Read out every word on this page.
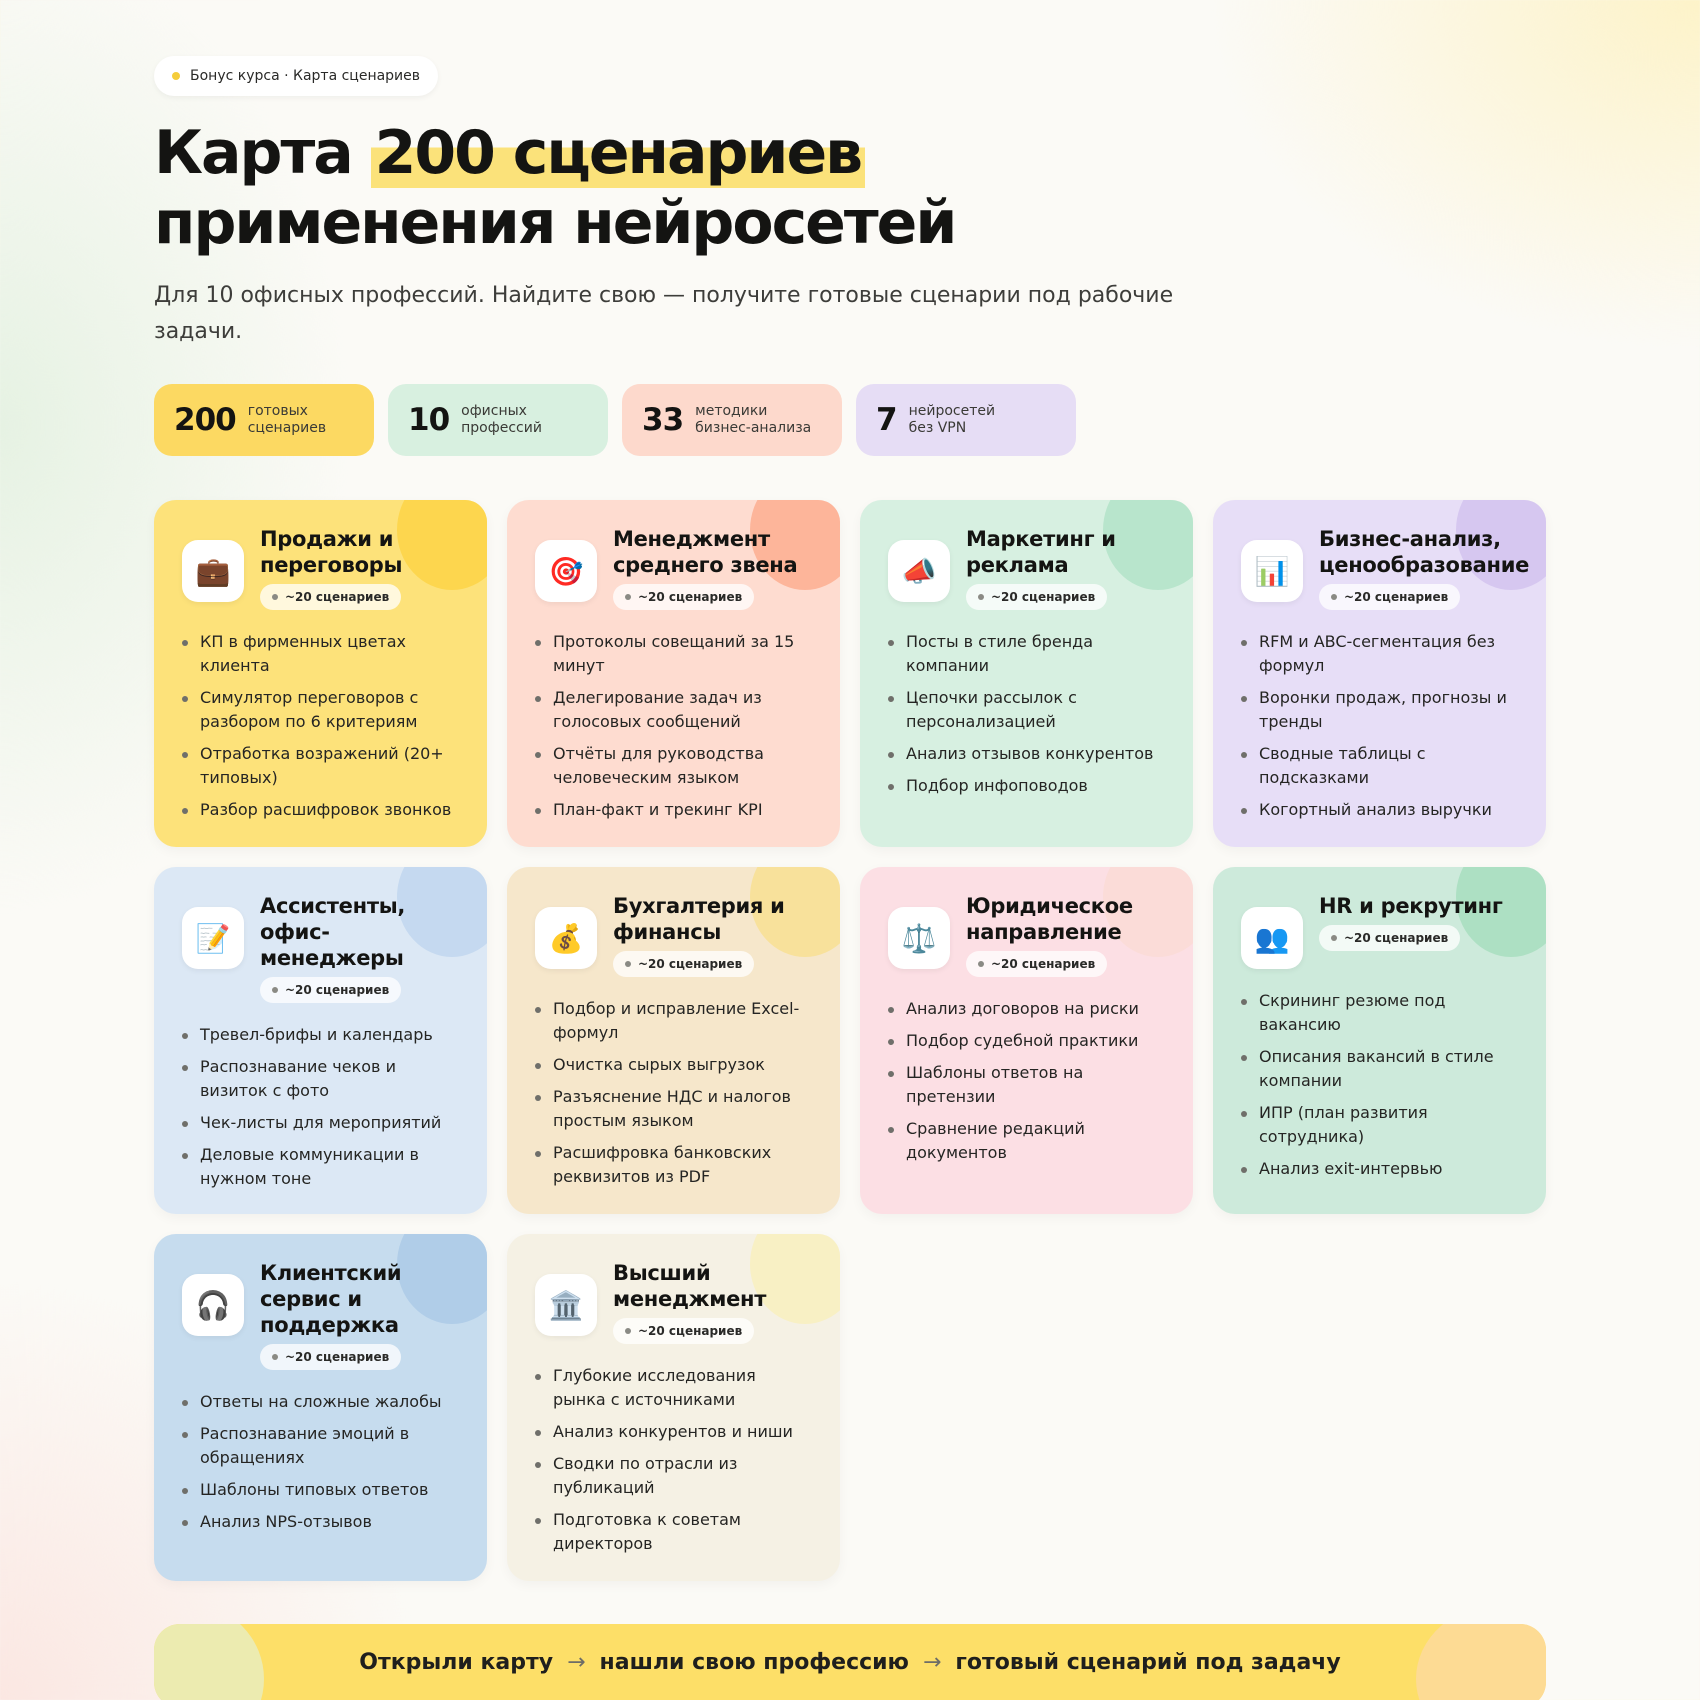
Бонус курса · Карта сценариев
Карта 200 сценариев
применения нейросетей

Для 10 офисных профессий. Найдите свою — получите готовые сценарии под рабочие задачи.

200 готовых
сценариев	10 офисных
профессий	33 методики
бизнес-анализа 7 нейросетей
без VPN
💼
Продажи и переговоры
~20 сценариев
КП в фирменных цветах клиента
Симулятор переговоров с разбором по 6 критериям
Отработка возражений (20+ типовых)
Разбор расшифровок звонков
🎯
Менеджмент среднего звена
~20 сценариев
Протоколы совещаний за 15 минут
Делегирование задач из голосовых сообщений
Отчёты для руководства человеческим языком
План-факт и трекинг KPI
📣
Маркетинг и реклама
~20 сценариев
Посты в стиле бренда компании
Цепочки рассылок с персонализацией
Анализ отзывов конкурентов
Подбор инфоповодов
📊
Бизнес-анализ, ценообразование
~20 сценариев
RFM и ABC-сегментация без формул
Воронки продаж, прогнозы и тренды
Сводные таблицы с подсказками
Когортный анализ выручки
📝
Ассистенты, офис-менеджеры
~20 сценариев
Тревел-брифы и календарь
Распознавание чеков и визиток с фото
Чек-листы для мероприятий
Деловые коммуникации в нужном тоне
💰
Бухгалтерия и финансы
~20 сценариев
Подбор и исправление Excel-формул
Очистка сырых выгрузок
Разъяснение НДС и налогов простым языком
Расшифровка банковских реквизитов из PDF
⚖️
Юридическое направление
~20 сценариев
Анализ договоров на риски
Подбор судебной практики
Шаблоны ответов на претензии
Сравнение редакций документов
👥
HR и рекрутинг
~20 сценариев
Скрининг резюме под вакансию
Описания вакансий в стиле компании
ИПР (план развития сотрудника)
Анализ exit-интервью
🎧
Клиентский сервис и поддержка
~20 сценариев
Ответы на сложные жалобы
Распознавание эмоций в обращениях
Шаблоны типовых ответов
Анализ NPS-отзывов
🏛️
Высший менеджмент
~20 сценариев
Глубокие исследования рынка с источниками
Анализ конкурентов и ниши
Сводки по отрасли из публикаций
Подготовка к советам директоров
Открыли карту → нашли свою профессию → готовый сценарий под задачу
